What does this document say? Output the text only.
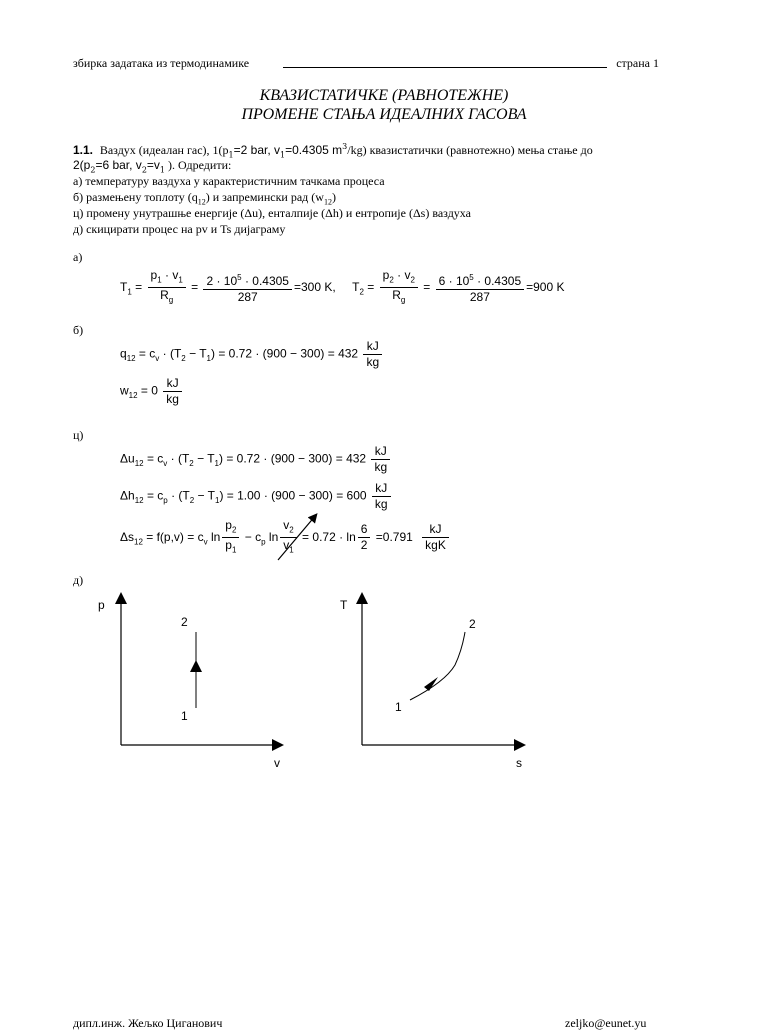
збирка задатака из термодинамике	страна 1
КВАЗИСТАТИЧКЕ (РАВНОТЕЖНЕ)
ПРОМЕНЕ СТАЊА ИДЕАЛНИХ ГАСОВА
1.1. Ваздух (идеалан гас), $1(p_1=2$ bar, $v_1=0.4305$ $m^3/kg$) квазистатички (равнотежно) мења стање до
$2(p_2=6$ bar, $v_2=v_1$ ). Одредити:
а) температуру ваздуха у карактеристичним тачкама процеса
б) размењену топлоту $(q_{12})$ и запремински рад $(w_{12})$
ц) промену унутрашње енергије (Δu), енталпије (Δh) и ентропије (Δs) ваздуха
д) скицирати процес на pv и Ts дијаграму
а)
$T_1 = \frac{p_1 \cdot v_1}{R_g} = \frac{2 \cdot 10^5 \cdot 0.4305}{287} =300$ K, $T_2 = \frac{p_2 \cdot v_2}{R_g} = \frac{6 \cdot 10^5 \cdot 0.4305}{287} =900$ K
б)
$q_{12} = c_v \cdot (T_2 - T_1) = 0.72 \cdot (900 - 300) = 432 \frac{kJ}{kg}$
$w_{12} = 0 \frac{kJ}{kg}$
ц)
$\Delta u_{12} = c_v \cdot (T_2 - T_1) = 0.72 \cdot (900 - 300) = 432 \frac{kJ}{kg}$
$\Delta h_{12} = c_p \cdot (T_2 - T_1) = 1.00 \cdot (900 - 300) = 600 \frac{kJ}{kg}$
$\Delta s_{12} = f(p,v) = c_v$ $\ln \frac{p_2}{p_1} - c_p$ $\ln \frac{v_2}{v_1} = 0.72 \cdot \ln \frac{6}{2} =0.791 \frac{kJ}{\text{kgK}}$
д)
p
v
2
1
T
s
2
1
дипл.инж. Жељко Циганович	zeljko@eunet.yu
